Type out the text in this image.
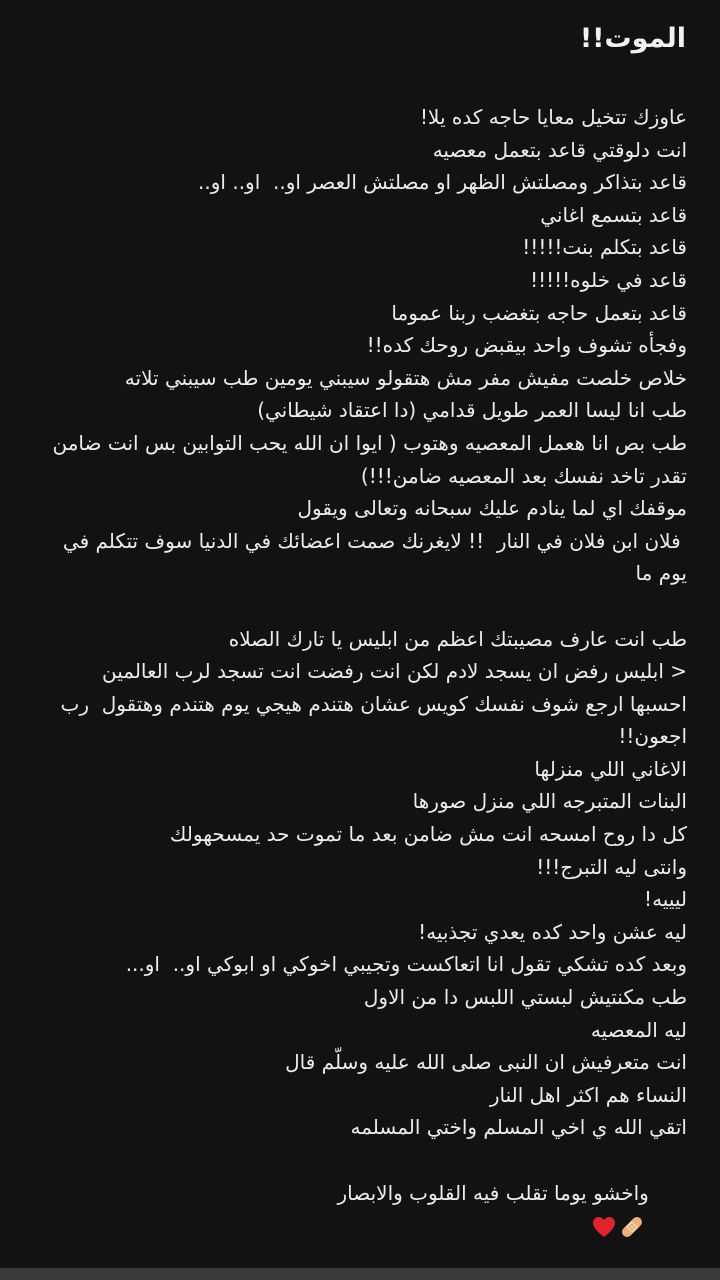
الموت!!
عاوزك تتخيل معايا حاجه كده يلا!
انت دلوقتي قاعد بتعمل معصيه
قاعد بتذاكر ومصلتش الظهر او مصلتش العصر او..  او.. او..
قاعد بتسمع اغاني
قاعد بتكلم بنت!!!!!
قاعد في خلوه!!!!!
قاعد بتعمل حاجه بتغضب ربنا عموما
وفجأه تشوف واحد بيقبض روحك كده!!
خلاص خلصت مفيش مفر مش هتقولو سيبني يومين طب سيبني تلاته
طب انا ليسا العمر طويل قدامي (دا اعتقاد شيطاني)
طب بص انا هعمل المعصيه وهتوب ( ايوا ان الله يحب التوابين بس انت ضامن تقدر تاخد نفسك بعد المعصيه ضامن!!!)
موقفك اي لما ينادم عليك سبحانه وتعالى ويقول
فلان ابن فلان في النار  !! لايغرنك صمت اعضائك في الدنيا سوف تتكلم في يوم ما
طب انت عارف مصيبتك اعظم من ابليس يا تارك الصلاه
< ابليس رفض ان يسجد لادم لكن انت رفضت انت تسجد لرب العالمين
احسبها ارجع شوف نفسك كويس عشان هتندم هيجي يوم هتندم وهتقول  رب اجعون!!
الاغاني اللي منزلها
البنات المتبرجه اللي منزل صورها
كل دا روح امسحه انت مش ضامن بعد ما تموت حد يمسحهولك
وانتى ليه التبرج!!!
ليييه!
ليه عشن واحد كده يعدي تجذبيه!
وبعد كده تشكي تقول انا اتعاكست وتجيبي اخوكي او ابوكي او..  او...
طب مكنتيش لبستي اللبس دا من الاول
ليه المعصيه
انت متعرفيش ان النبى صلى الله عليه وسلّم قال
النساء هم اكثر اهل النار
اتقي الله ي اخي المسلم واختي المسلمه

واخشو يوما تقلب فيه القلوب والابصار
